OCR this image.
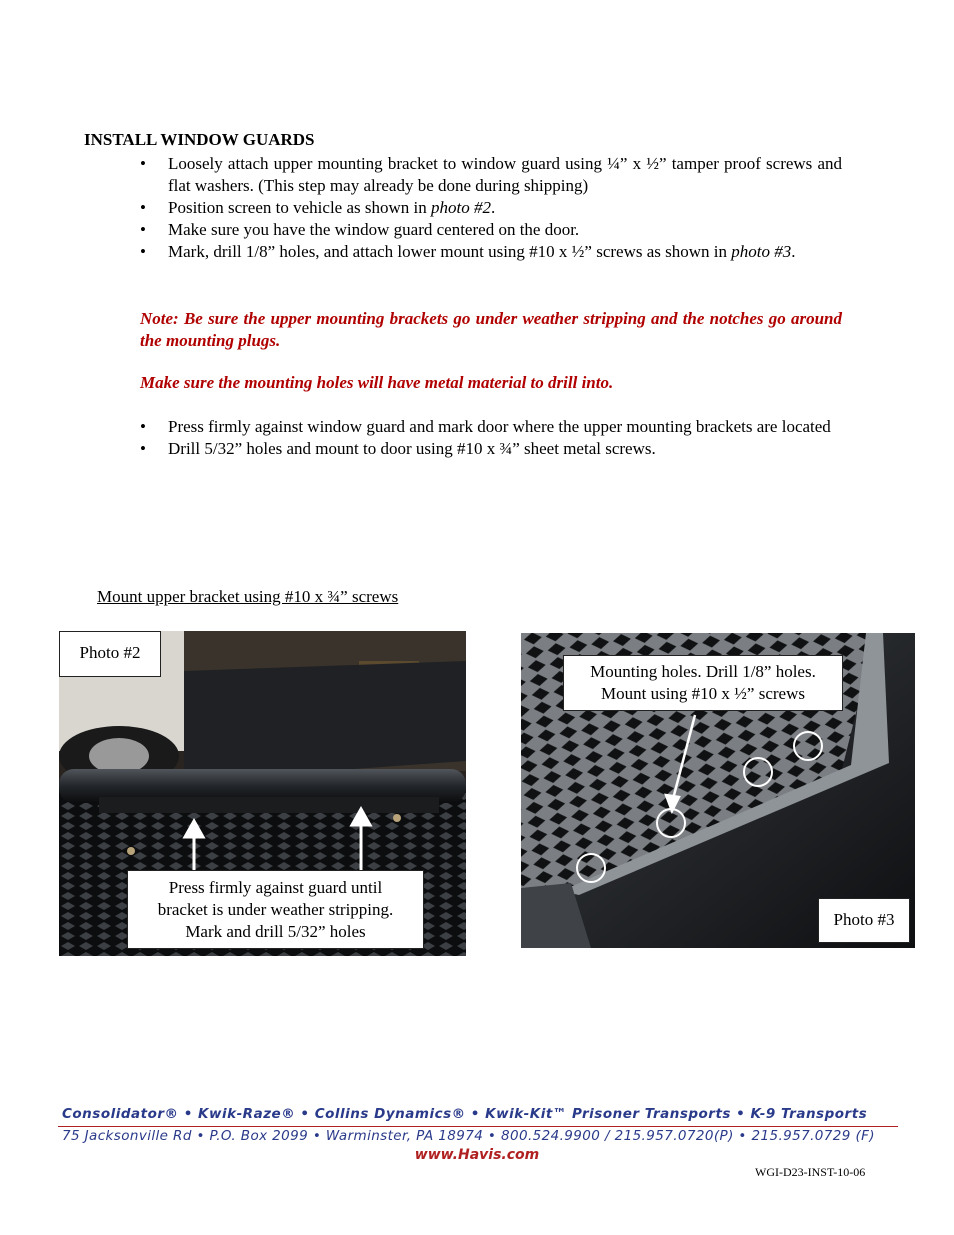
INSTALL WINDOW GUARDS
• Loosely attach upper mounting bracket to window guard using ¼” x ½” tamper proof screws and flat washers. (This step may already be done during shipping)
• Position screen to vehicle as shown in photo #2.
• Make sure you have the window guard centered on the door.
• Mark, drill 1/8” holes, and attach lower mount using #10 x ½” screws as shown in photo #3.
Note: Be sure the upper mounting brackets go under weather stripping and the notches go around the mounting plugs.
Make sure the mounting holes will have metal material to drill into.
• Press firmly against window guard and mark door where the upper mounting brackets are located
• Drill 5/32” holes and mount to door using #10 x ¾” sheet metal screws.
Mount upper bracket using #10 x ¾” screws
Photo #2
Press firmly against guard until
bracket is under weather stripping.
Mark and drill 5/32” holes
Mounting holes. Drill 1/8” holes.
Mount using #10 x ½” screws
Photo #3
Consolidator® • Kwik-Raze® • Collins Dynamics® • Kwik-Kit™ Prisoner Transports • K-9 Transports
75 Jacksonville Rd • P.O. Box 2099 • Warminster, PA 18974 • 800.524.9900 / 215.957.0720(P) • 215.957.0729 (F)
www.Havis.com
WGI-D23-INST-10-06
